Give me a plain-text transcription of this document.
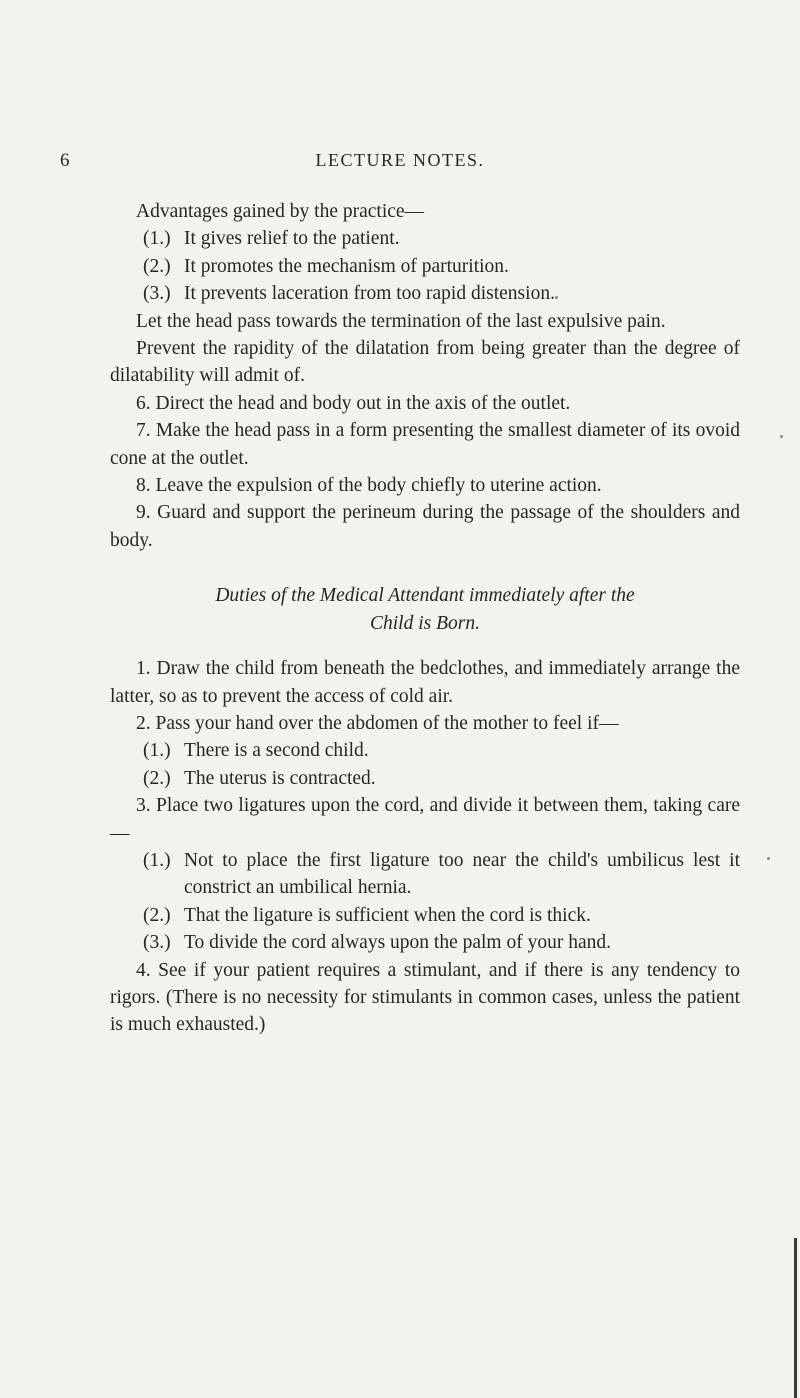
6	LECTURE NOTES.

Advantages gained by the practice—

(1.) It gives relief to the patient.

(2.) It promotes the mechanism of parturition.

(3.) It prevents laceration from too rapid distension.

Let the head pass towards the termination of the last expulsive pain.

Prevent the rapidity of the dilatation from being greater than the degree of dilatability will admit of.

6. Direct the head and body out in the axis of the outlet.

7. Make the head pass in a form presenting the smallest diameter of its ovoid cone at the outlet.

8. Leave the expulsion of the body chiefly to uterine action.

9. Guard and support the perineum during the passage of the shoulders and body.

Duties of the Medical Attendant immediately after the
Child is Born.

1. Draw the child from beneath the bedclothes, and immediately arrange the latter, so as to prevent the access of cold air.

2. Pass your hand over the abdomen of the mother to feel if—

(1.) There is a second child.

(2.) The uterus is contracted.

3. Place two ligatures upon the cord, and divide it between them, taking care—

(1.) Not to place the first ligature too near the child's umbilicus lest it constrict an umbilical hernia.

(2.) That the ligature is sufficient when the cord is thick.

(3.) To divide the cord always upon the palm of your hand.

4. See if your patient requires a stimulant, and if there is any tendency to rigors. (There is no necessity for stimulants in common cases, unless the patient is much exhausted.)
